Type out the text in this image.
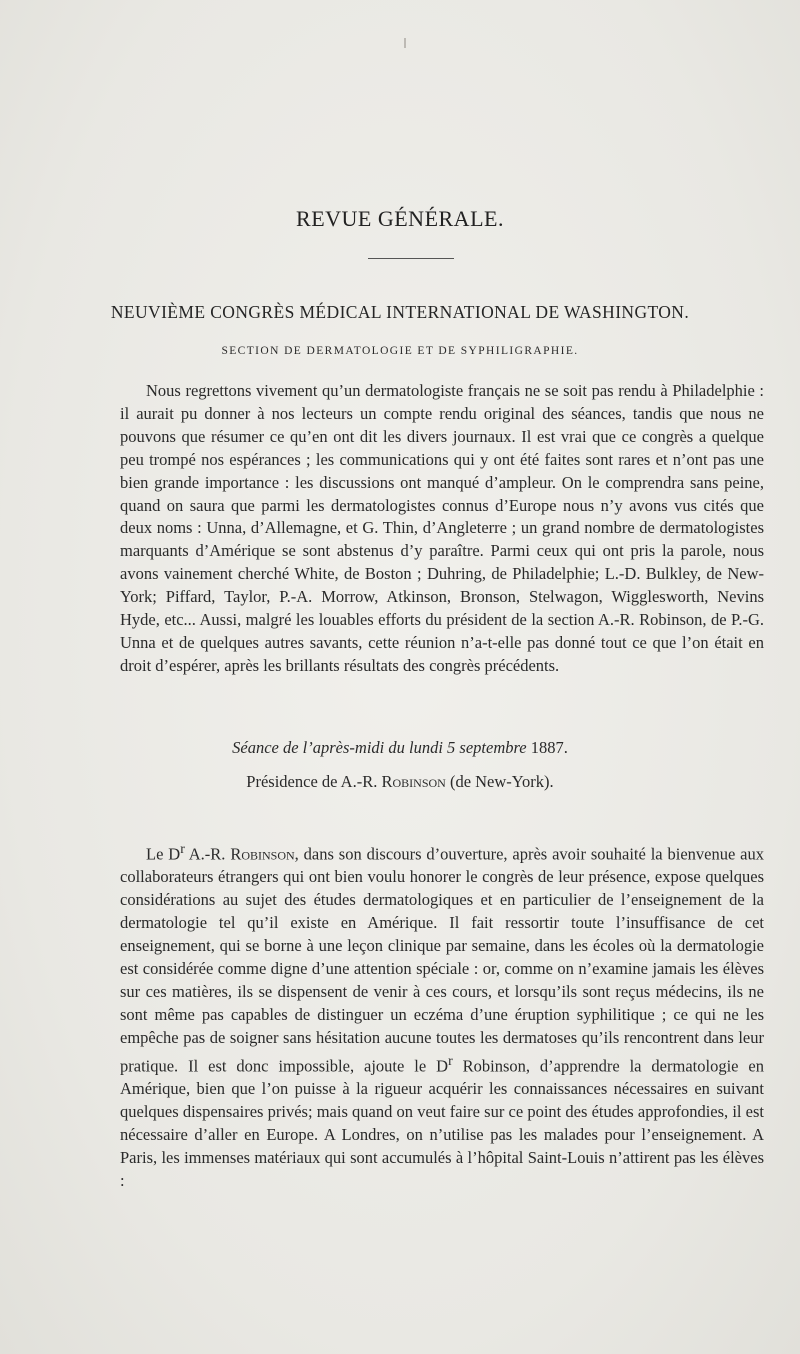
REVUE GÉNÉRALE.
NEUVIÈME CONGRÈS MÉDICAL INTERNATIONAL DE WASHINGTON.
SECTION DE DERMATOLOGIE ET DE SYPHILIGRAPHIE.
Nous regrettons vivement qu’un dermatologiste français ne se soit pas rendu à Philadelphie : il aurait pu donner à nos lecteurs un compte rendu original des séances, tandis que nous ne pouvons que résumer ce qu’en ont dit les divers journaux. Il est vrai que ce congrès a quelque peu trompé nos espérances ; les communications qui y ont été faites sont rares et n’ont pas une bien grande importance : les discussions ont manqué d’ampleur. On le comprendra sans peine, quand on saura que parmi les dermatologistes connus d’Europe nous n’y avons vus cités que deux noms : Unna, d’Allemagne, et G. Thin, d’Angleterre ; un grand nombre de dermatologistes marquants d’Amérique se sont abstenus d’y paraître. Parmi ceux qui ont pris la parole, nous avons vainement cherché White, de Boston ; Duhring, de Philadelphie; L.-D. Bulkley, de New-York; Piffard, Taylor, P.-A. Morrow, Atkinson, Bronson, Stelwagon, Wigglesworth, Nevins Hyde, etc... Aussi, malgré les louables efforts du président de la section A.-R. Robinson, de P.-G. Unna et de quelques autres savants, cette réunion n’a-t-elle pas donné tout ce que l’on était en droit d’espérer, après les brillants résultats des congrès précédents.
Séance de l’après-midi du lundi 5 septembre 1887.
Présidence de A.-R. Robinson (de New-York).
Le $D^r$ A.-R. Robinson, dans son discours d’ouverture, après avoir souhaité la bienvenue aux collaborateurs étrangers qui ont bien voulu honorer le congrès de leur présence, expose quelques considérations au sujet des études dermatologiques et en particulier de l’enseignement de la dermatologie tel qu’il existe en Amérique. Il fait ressortir toute l’insuffisance de cet enseignement, qui se borne à une leçon clinique par semaine, dans les écoles où la dermatologie est considérée comme digne d’une attention spéciale : or, comme on n’examine jamais les élèves sur ces matières, ils se dispensent de venir à ces cours, et lorsqu’ils sont reçus médecins, ils ne sont même pas capables de distinguer un eczéma d’une éruption syphilitique ; ce qui ne les empêche pas de soigner sans hésitation aucune toutes les dermatoses qu’ils rencontrent dans leur pratique. Il est donc impossible, ajoute le $D^r$ Robinson, d’apprendre la dermatologie en Amérique, bien que l’on puisse à la rigueur acquérir les connaissances nécessaires en suivant quelques dispensaires privés; mais quand on veut faire sur ce point des études approfondies, il est nécessaire d’aller en Europe. A Londres, on n’utilise pas les malades pour l’enseignement. A Paris, les immenses matériaux qui sont accumulés à l’hôpital Saint-Louis n’attirent pas les élèves :
